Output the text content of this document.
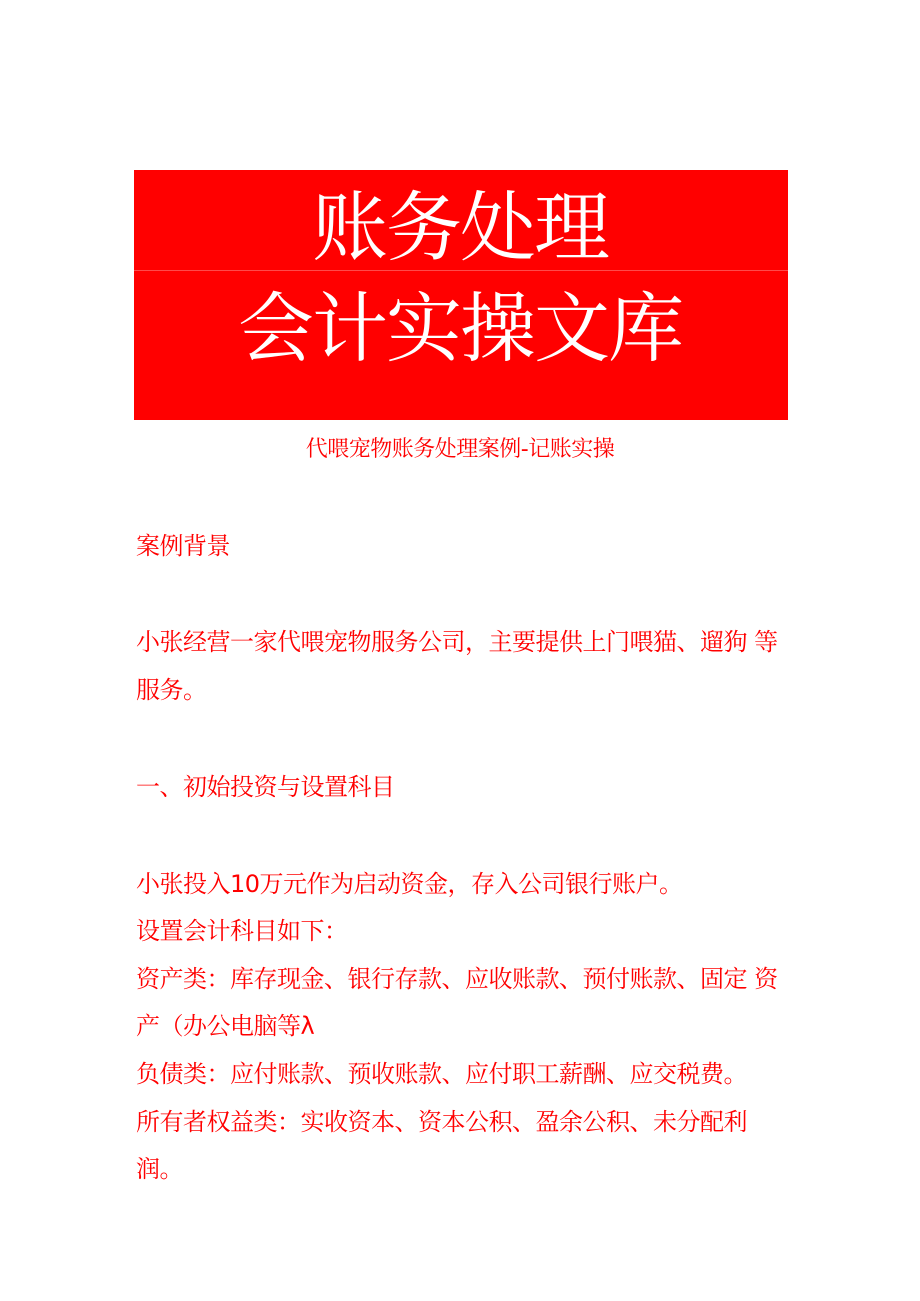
账务处理
会计实操文库
代喂宠物账务处理案例-记账实操
案例背景
小张经营一家代喂宠物服务公司，主要提供上门喂猫、遛狗 等
服务。
一、初始投资与设置科目
小张投入10万元作为启动资金，存入公司银行账户。
设置会计科目如下：
资产类：库存现金、银行存款、应收账款、预付账款、固定 资
产（办公电脑等λ
负债类：应付账款、预收账款、应付职工薪酬、应交税费。
所有者权益类：实收资本、资本公积、盈余公积、未分配利
润。
